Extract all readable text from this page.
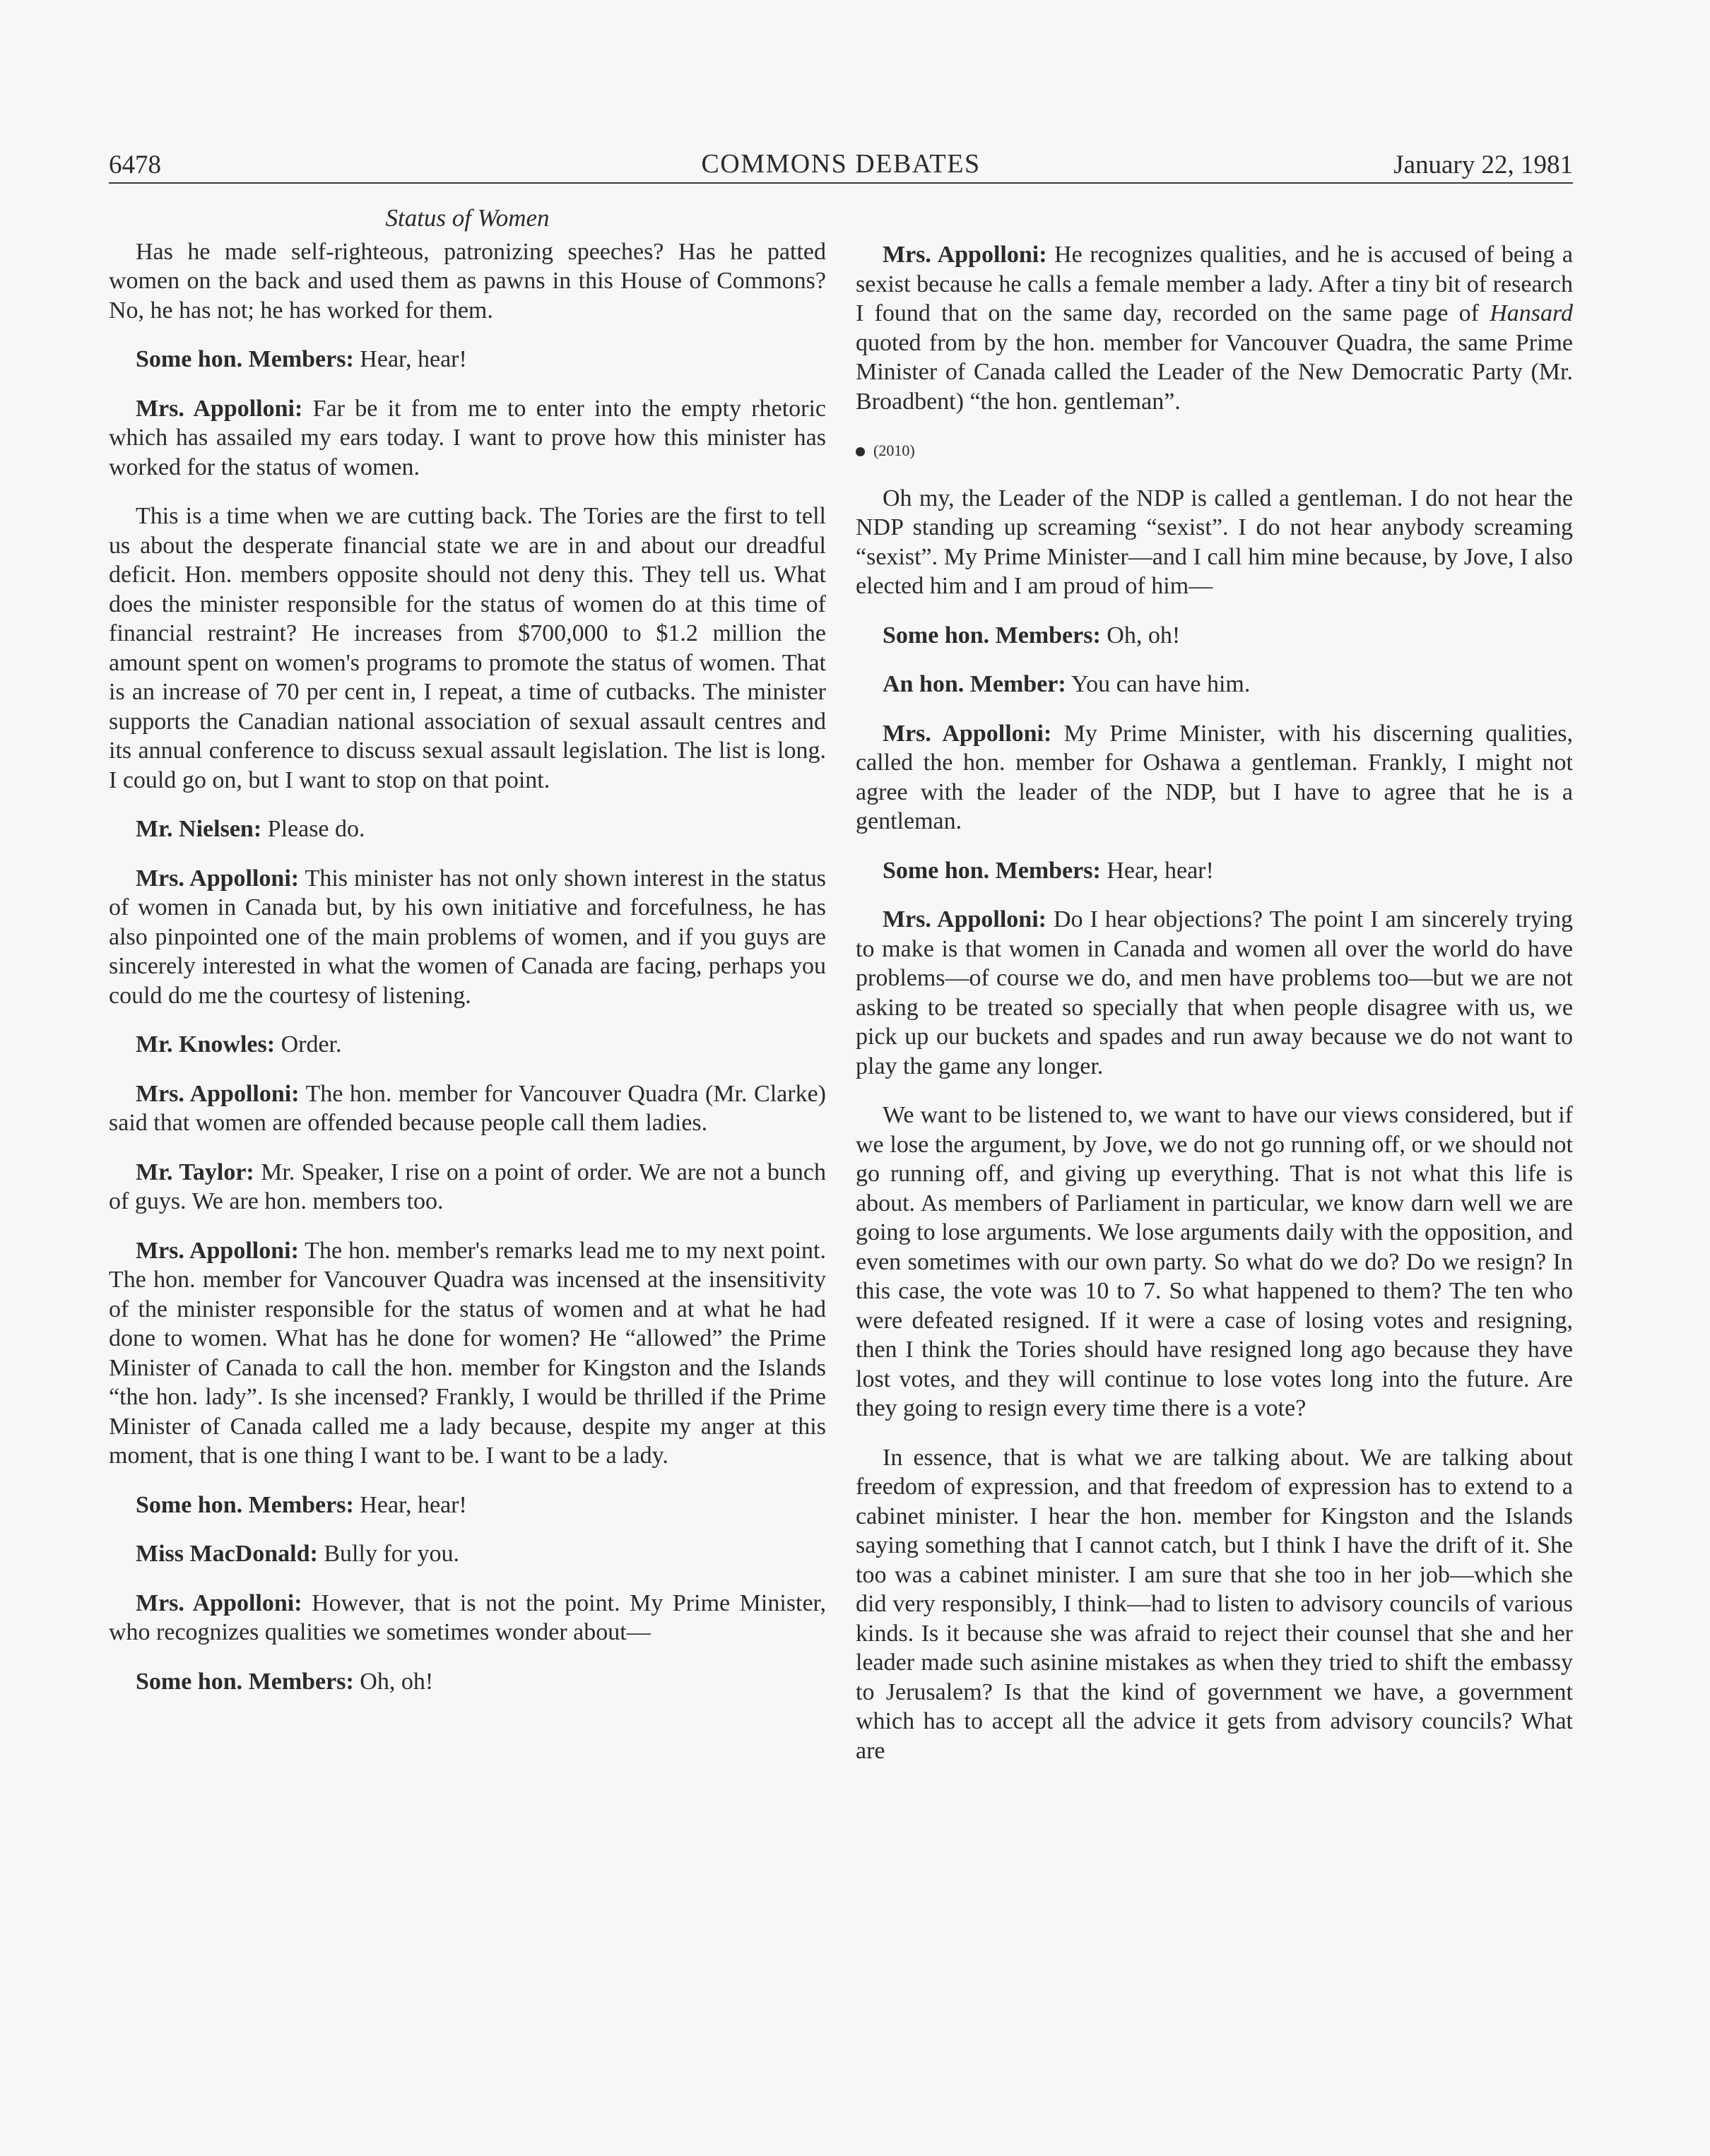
6478	COMMONS DEBATES	January 22, 1981
Status of Women

Has he made self-righteous, patronizing speeches? Has he patted women on the back and used them as pawns in this House of Commons? No, he has not; he has worked for them.

Some hon. Members: Hear, hear!

Mrs. Appolloni: Far be it from me to enter into the empty rhetoric which has assailed my ears today. I want to prove how this minister has worked for the status of women.

This is a time when we are cutting back. The Tories are the first to tell us about the desperate financial state we are in and about our dreadful deficit. Hon. members opposite should not deny this. They tell us. What does the minister responsible for the status of women do at this time of financial restraint? He increases from $700,000 to $1.2 million the amount spent on women's programs to promote the status of women. That is an increase of 70 per cent in, I repeat, a time of cutbacks. The minister supports the Canadian national association of sexual assault centres and its annual conference to discuss sexual assault legislation. The list is long. I could go on, but I want to stop on that point.

Mr. Nielsen: Please do.

Mrs. Appolloni: This minister has not only shown interest in the status of women in Canada but, by his own initiative and forcefulness, he has also pinpointed one of the main problems of women, and if you guys are sincerely interested in what the women of Canada are facing, perhaps you could do me the courtesy of listening.

Mr. Knowles: Order.

Mrs. Appolloni: The hon. member for Vancouver Quadra (Mr. Clarke) said that women are offended because people call them ladies.

Mr. Taylor: Mr. Speaker, I rise on a point of order. We are not a bunch of guys. We are hon. members too.

Mrs. Appolloni: The hon. member's remarks lead me to my next point. The hon. member for Vancouver Quadra was incensed at the insensitivity of the minister responsible for the status of women and at what he had done to women. What has he done for women? He “allowed” the Prime Minister of Canada to call the hon. member for Kingston and the Islands “the hon. lady”. Is she incensed? Frankly, I would be thrilled if the Prime Minister of Canada called me a lady because, despite my anger at this moment, that is one thing I want to be. I want to be a lady.

Some hon. Members: Hear, hear!

Miss MacDonald: Bully for you.

Mrs. Appolloni: However, that is not the point. My Prime Minister, who recognizes qualities we sometimes wonder about—

Some hon. Members: Oh, oh!

Mrs. Appolloni: He recognizes qualities, and he is accused of being a sexist because he calls a female member a lady. After a tiny bit of research I found that on the same day, recorded on the same page of Hansard quoted from by the hon. member for Vancouver Quadra, the same Prime Minister of Canada called the Leader of the New Democratic Party (Mr. Broadbent) “the hon. gentleman”.

(2010)

Oh my, the Leader of the NDP is called a gentleman. I do not hear the NDP standing up screaming “sexist”. I do not hear anybody screaming “sexist”. My Prime Minister—and I call him mine because, by Jove, I also elected him and I am proud of him—

Some hon. Members: Oh, oh!

An hon. Member: You can have him.

Mrs. Appolloni: My Prime Minister, with his discerning qualities, called the hon. member for Oshawa a gentleman. Frankly, I might not agree with the leader of the NDP, but I have to agree that he is a gentleman.

Some hon. Members: Hear, hear!

Mrs. Appolloni: Do I hear objections? The point I am sincerely trying to make is that women in Canada and women all over the world do have problems—of course we do, and men have problems too—but we are not asking to be treated so specially that when people disagree with us, we pick up our buckets and spades and run away because we do not want to play the game any longer.

We want to be listened to, we want to have our views considered, but if we lose the argument, by Jove, we do not go running off, or we should not go running off, and giving up everything. That is not what this life is about. As members of Parliament in particular, we know darn well we are going to lose arguments. We lose arguments daily with the opposition, and even sometimes with our own party. So what do we do? Do we resign? In this case, the vote was 10 to 7. So what happened to them? The ten who were defeated resigned. If it were a case of losing votes and resigning, then I think the Tories should have resigned long ago because they have lost votes, and they will continue to lose votes long into the future. Are they going to resign every time there is a vote?

In essence, that is what we are talking about. We are talking about freedom of expression, and that freedom of expression has to extend to a cabinet minister. I hear the hon. member for Kingston and the Islands saying something that I cannot catch, but I think I have the drift of it. She too was a cabinet minister. I am sure that she too in her job—which she did very responsibly, I think—had to listen to advisory councils of various kinds. Is it because she was afraid to reject their counsel that she and her leader made such asinine mistakes as when they tried to shift the embassy to Jerusalem? Is that the kind of government we have, a government which has to accept all the advice it gets from advisory councils? What are
